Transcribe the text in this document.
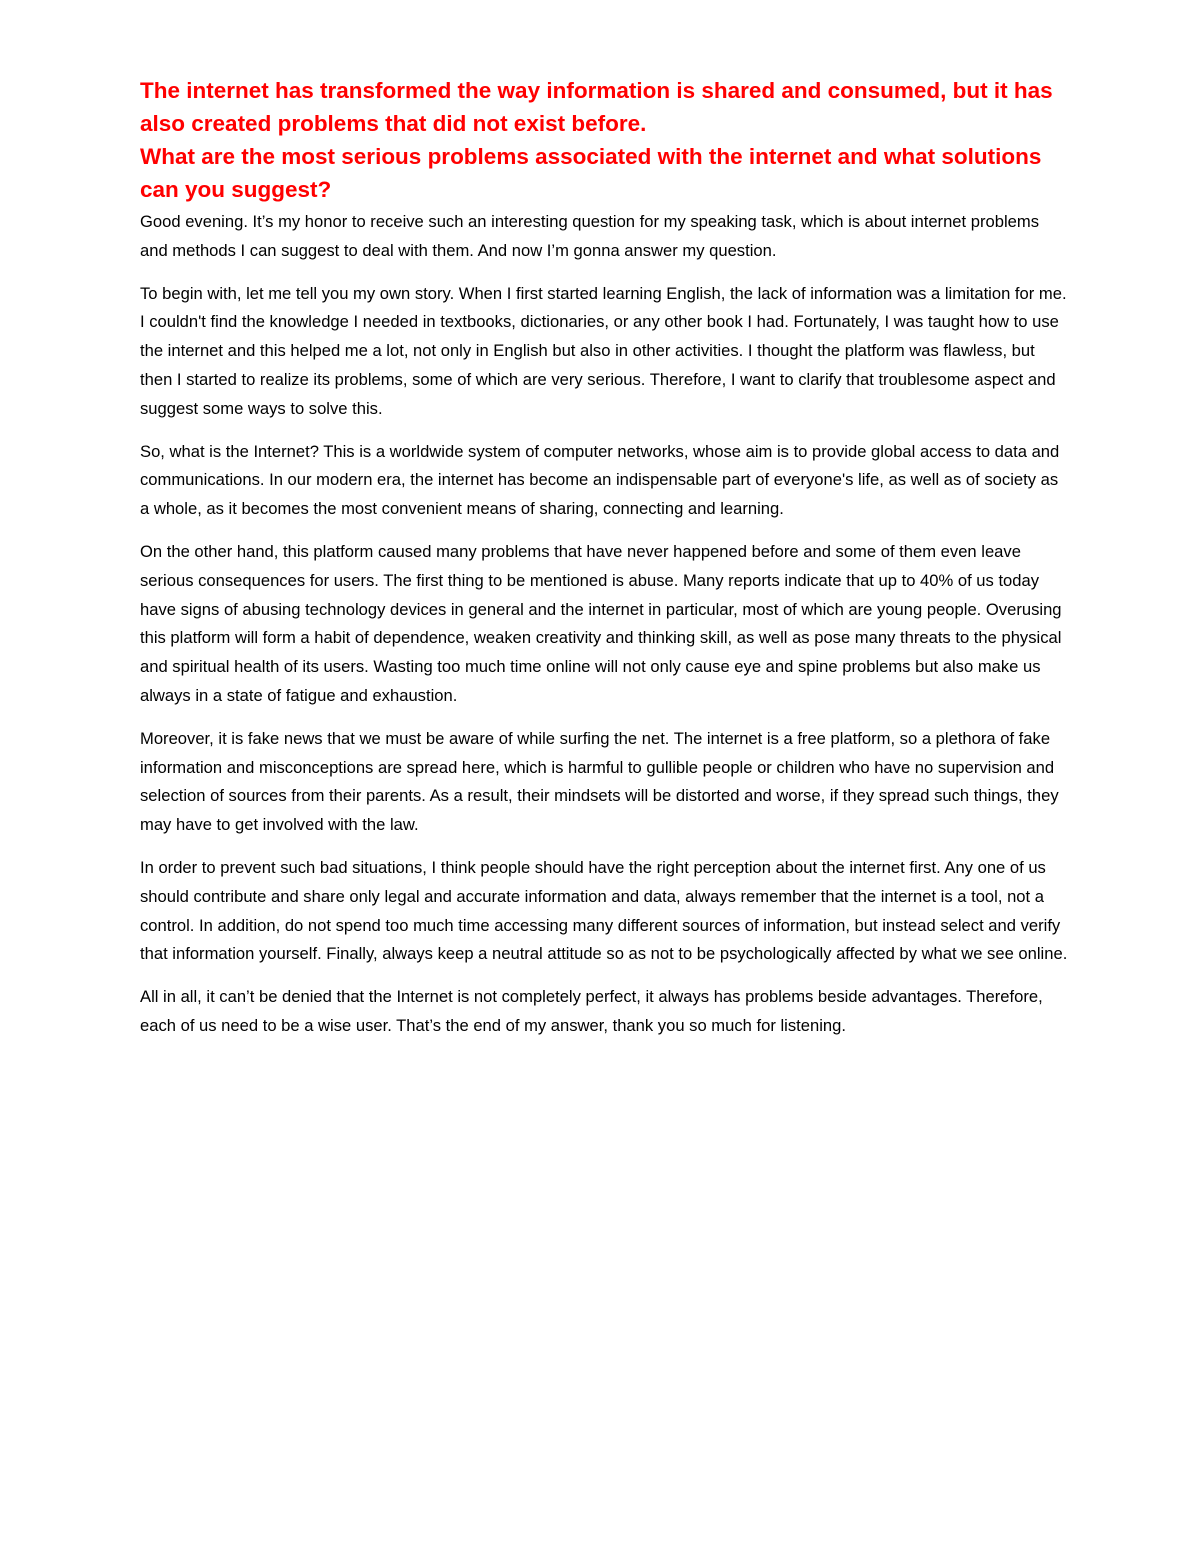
The internet has transformed the way information is shared and consumed, but it has also created problems that did not exist before.

What are the most serious problems associated with the internet and what solutions can you suggest?

Good evening. It’s my honor to receive such an interesting question for my speaking task, which is about internet problems and methods I can suggest to deal with them. And now I’m gonna answer my question.

To begin with, let me tell you my own story. When I first started learning English, the lack of information was a limitation for me. I couldn't find the knowledge I needed in textbooks, dictionaries, or any other book I had. Fortunately, I was taught how to use the internet and this helped me a lot, not only in English but also in other activities. I thought the platform was flawless, but then I started to realize its problems, some of which are very serious. Therefore, I want to clarify that troublesome aspect and suggest some ways to solve this.

So, what is the Internet? This is a worldwide system of computer networks, whose aim is to provide global access to data and communications. In our modern era, the internet has become an indispensable part of everyone's life, as well as of society as a whole, as it becomes the most convenient means of sharing, connecting and learning.

On the other hand, this platform caused many problems that have never happened before and some of them even leave serious consequences for users. The first thing to be mentioned is abuse. Many reports indicate that up to 40% of us today have signs of abusing technology devices in general and the internet in particular, most of which are young people. Overusing this platform will form a habit of dependence, weaken creativity and thinking skill, as well as pose many threats to the physical and spiritual health of its users. Wasting too much time online will not only cause eye and spine problems but also make us always in a state of fatigue and exhaustion.

Moreover, it is fake news that we must be aware of while surfing the net. The internet is a free platform, so a plethora of fake information and misconceptions are spread here, which is harmful to gullible people or children who have no supervision and selection of sources from their parents. As a result, their mindsets will be distorted and worse, if they spread such things, they may have to get involved with the law.

In order to prevent such bad situations, I think people should have the right perception about the internet first. Any one of us should contribute and share only legal and accurate information and data, always remember that the internet is a tool, not a control. In addition, do not spend too much time accessing many different sources of information, but instead select and verify that information yourself. Finally, always keep a neutral attitude so as not to be psychologically affected by what we see online.

All in all, it can’t be denied that the Internet is not completely perfect, it always has problems beside advantages. Therefore, each of us need to be a wise user. That’s the end of my answer, thank you so much for listening.
